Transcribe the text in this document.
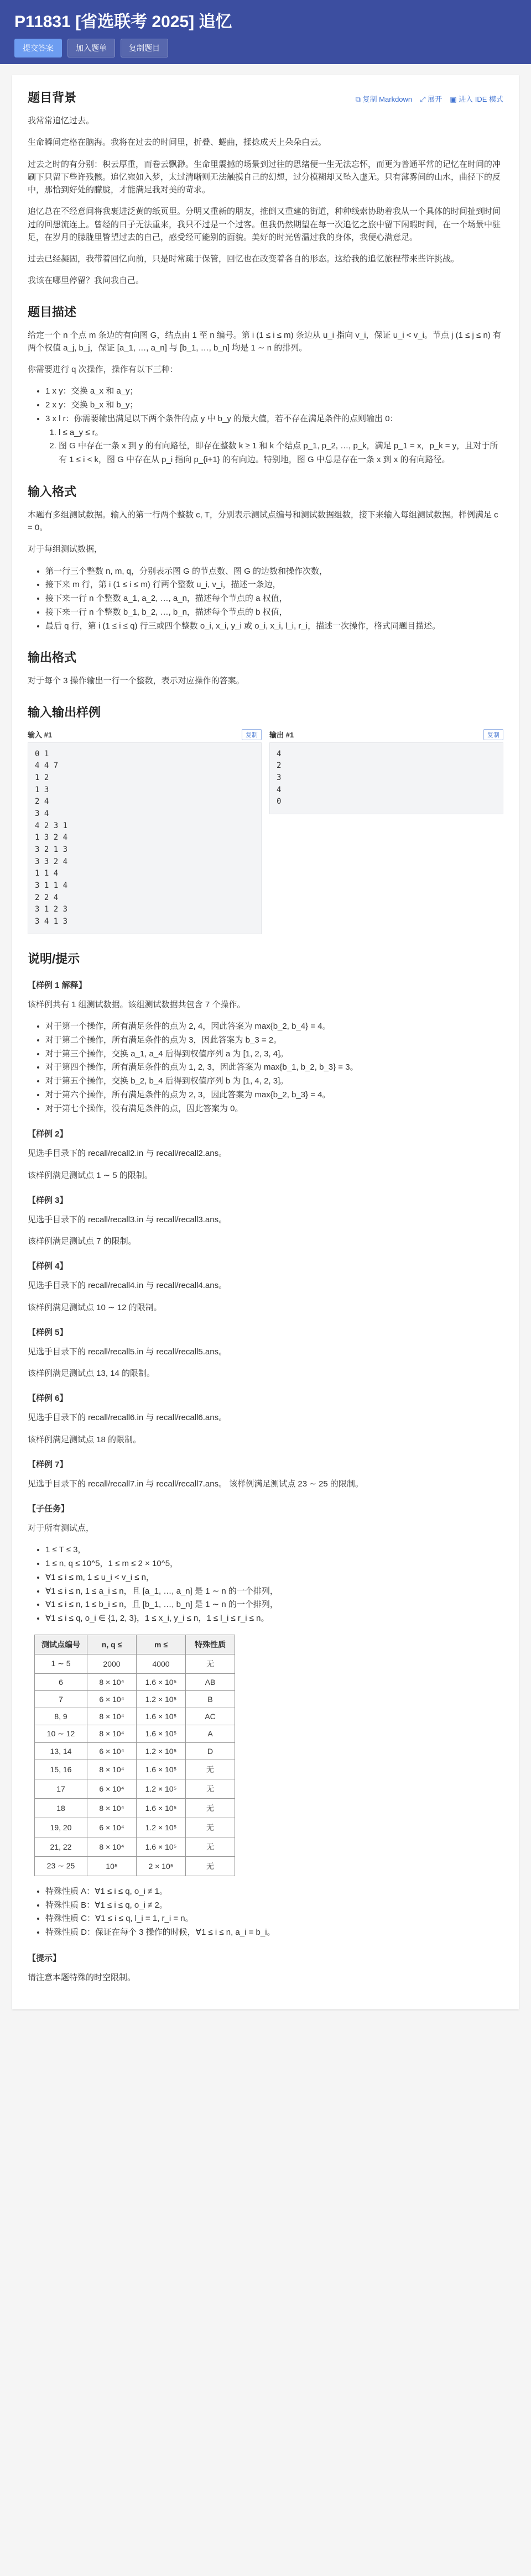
P11831 [省选联考 2025] 追忆
提交答案	加入题单	复制题目
题目背景	⧉ 复制 Markdown ⤢ 展开 ▣ 进入 IDE 模式

我常常追忆过去。

生命瞬间定格在脑海。我将在过去的时间里，折叠、蜷曲，揉捻成天上朵朵白云。

过去之时的有分别：积云厚重，而卷云飘渺。生命里震撼的场景到过往的思绪便一生无法忘怀，而更为普通平常的记忆在时间的冲刷下只留下些许残骸。追忆宛如入梦，太过清晰则无法触摸自己的幻想，过分模糊却又坠入虚无。只有薄雾间的山水，曲径下的反中，那恰到好处的朦胧，才能满足我对美的苛求。

追忆总在不经意间将我裹进泛黄的纸页里。分明又重新的朋友，推倒又重建的街道，种种线索协助着我从一个具体的时间扯到时间过的回想流连上。曾经的日子无法重来，我只不过是一个过客。但我仍然期望在每一次追忆之旅中留下闲暇时间，在一个场景中驻足，在岁月的朦胧里瞥望过去的自己，感受经可能别的面貌。美好的时光曾温过我的身体，我便心满意足。

过去已经凝固，我带着回忆向前，只是时常疏于保管，回忆也在改变着各自的形态。这给我的追忆旅程带来些许挑战。

我该在哪里停留？我问我自己。

题目描述

给定一个 n 个点 m 条边的有向图 G，结点由 1 至 n 编号。第 i (1 ≤ i ≤ m) 条边从 u_i 指向 v_i，保证 u_i < v_i。节点 j (1 ≤ j ≤ n) 有两个权值 a_j, b_j，保证 [a_1, …, a_n] 与 [b_1, …, b_n] 均是 1 ∼ n 的排列。

你需要进行 q 次操作，操作有以下三种：

• 1 x y：交换 a_x 和 a_y；
• 2 x y：交换 b_x 和 b_y；
• 3 x l r：你需要输出满足以下两个条件的点 y 中 b_y 的最大值，若不存在满足条件的点则输出 0：
1. l ≤ a_y ≤ r。
2. 图 G 中存在一条 x 到 y 的有向路径，即存在整数 k ≥ 1 和 k 个结点 p_1, p_2, …, p_k，满足 p_1 = x，p_k = y，且对于所有 1 ≤ i < k，图 G 中存在从 p_i 指向 p_{i+1} 的有向边。特别地，图 G 中总是存在一条 x 到 x 的有向路径。
输入格式

本题有多组测试数据。输入的第一行两个整数 c, T，分别表示测试点编号和测试数据组数，接下来输入每组测试数据。样例满足 c = 0。

对于每组测试数据，

• 第一行三个整数 n, m, q，分别表示图 G 的节点数、图 G 的边数和操作次数，
• 接下来 m 行，第 i (1 ≤ i ≤ m) 行两个整数 u_i, v_i，描述一条边，
• 接下来一行 n 个整数 a_1, a_2, …, a_n，描述每个节点的 a 权值，
• 接下来一行 n 个整数 b_1, b_2, …, b_n，描述每个节点的 b 权值，
• 最后 q 行，第 i (1 ≤ i ≤ q) 行三或四个整数 o_i, x_i, y_i 或 o_i, x_i, l_i, r_i，描述一次操作，格式同题目描述。
输出格式

对于每个 3 操作输出一行一个整数，表示对应操作的答案。

输入输出样例
输入 #1	复制
0 1
4 4 7
1 2
1 3
2 4
3 4
4 2 3 1
1 3 2 4
3 2 1 3
3 3 2 4
1 1 4
3 1 1 4
2 2 4
3 1 2 3
3 4 1 3
输出 #1	复制
4
2
3
4
0
说明/提示
【样例 1 解释】

该样例共有 1 组测试数据。该组测试数据共包含 7 个操作。

• 对于第一个操作，所有满足条件的点为 2, 4，因此答案为 max{b_2, b_4} = 4。
• 对于第二个操作，所有满足条件的点为 3，因此答案为 b_3 = 2。
• 对于第三个操作，交换 a_1, a_4 后得到权值序列 a 为 [1, 2, 3, 4]。
• 对于第四个操作，所有满足条件的点为 1, 2, 3，因此答案为 max{b_1, b_2, b_3} = 3。
• 对于第五个操作，交换 b_2, b_4 后得到权值序列 b 为 [1, 4, 2, 3]。
• 对于第六个操作，所有满足条件的点为 2, 3，因此答案为 max{b_2, b_3} = 4。
• 对于第七个操作，没有满足条件的点，因此答案为 0。
【样例 2】

见选手目录下的 recall/recall2.in 与 recall/recall2.ans。

该样例满足测试点 1 ∼ 5 的限制。

【样例 3】

见选手目录下的 recall/recall3.in 与 recall/recall3.ans。

该样例满足测试点 7 的限制。

【样例 4】

见选手目录下的 recall/recall4.in 与 recall/recall4.ans。

该样例满足测试点 10 ∼ 12 的限制。

【样例 5】

见选手目录下的 recall/recall5.in 与 recall/recall5.ans。

该样例满足测试点 13, 14 的限制。

【样例 6】

见选手目录下的 recall/recall6.in 与 recall/recall6.ans。

该样例满足测试点 18 的限制。

【样例 7】

见选手目录下的 recall/recall7.in 与 recall/recall7.ans。 该样例满足测试点 23 ∼ 25 的限制。

【子任务】

对于所有测试点，

• 1 ≤ T ≤ 3，
• 1 ≤ n, q ≤ 10^5，1 ≤ m ≤ 2 × 10^5，
• ∀1 ≤ i ≤ m, 1 ≤ u_i < v_i ≤ n，
• ∀1 ≤ i ≤ n, 1 ≤ a_i ≤ n，且 [a_1, …, a_n] 是 1 ∼ n 的一个排列，
• ∀1 ≤ i ≤ n, 1 ≤ b_i ≤ n，且 [b_1, …, b_n] 是 1 ∼ n 的一个排列，
• ∀1 ≤ i ≤ q, o_i ∈ {1, 2, 3}，1 ≤ x_i, y_i ≤ n，1 ≤ l_i ≤ r_i ≤ n。
测试点编号	n, q ≤	m ≤	特殊性质
1 ∼ 5	2000	4000	无
6	8 × 10⁴	1.6 × 10⁵	AB
7	6 × 10⁴	1.2 × 10⁵	B
8, 9	8 × 10⁴	1.6 × 10⁵	AC
10 ∼ 12	8 × 10⁴	1.6 × 10⁵	A
13, 14	6 × 10⁴	1.2 × 10⁵	D
15, 16	8 × 10⁴	1.6 × 10⁵	无
17	6 × 10⁴	1.2 × 10⁵	无
18	8 × 10⁴	1.6 × 10⁵	无
19, 20	6 × 10⁴	1.2 × 10⁵	无
21, 22	8 × 10⁴	1.6 × 10⁵	无
23 ∼ 25	10⁵	2 × 10⁵	无
• 特殊性质 A：∀1 ≤ i ≤ q, o_i ≠ 1。
• 特殊性质 B：∀1 ≤ i ≤ q, o_i ≠ 2。
• 特殊性质 C：∀1 ≤ i ≤ q, l_i = 1, r_i = n。
• 特殊性质 D：保证在每个 3 操作的时候，∀1 ≤ i ≤ n, a_i = b_i。
【提示】

请注意本题特殊的时空限制。
